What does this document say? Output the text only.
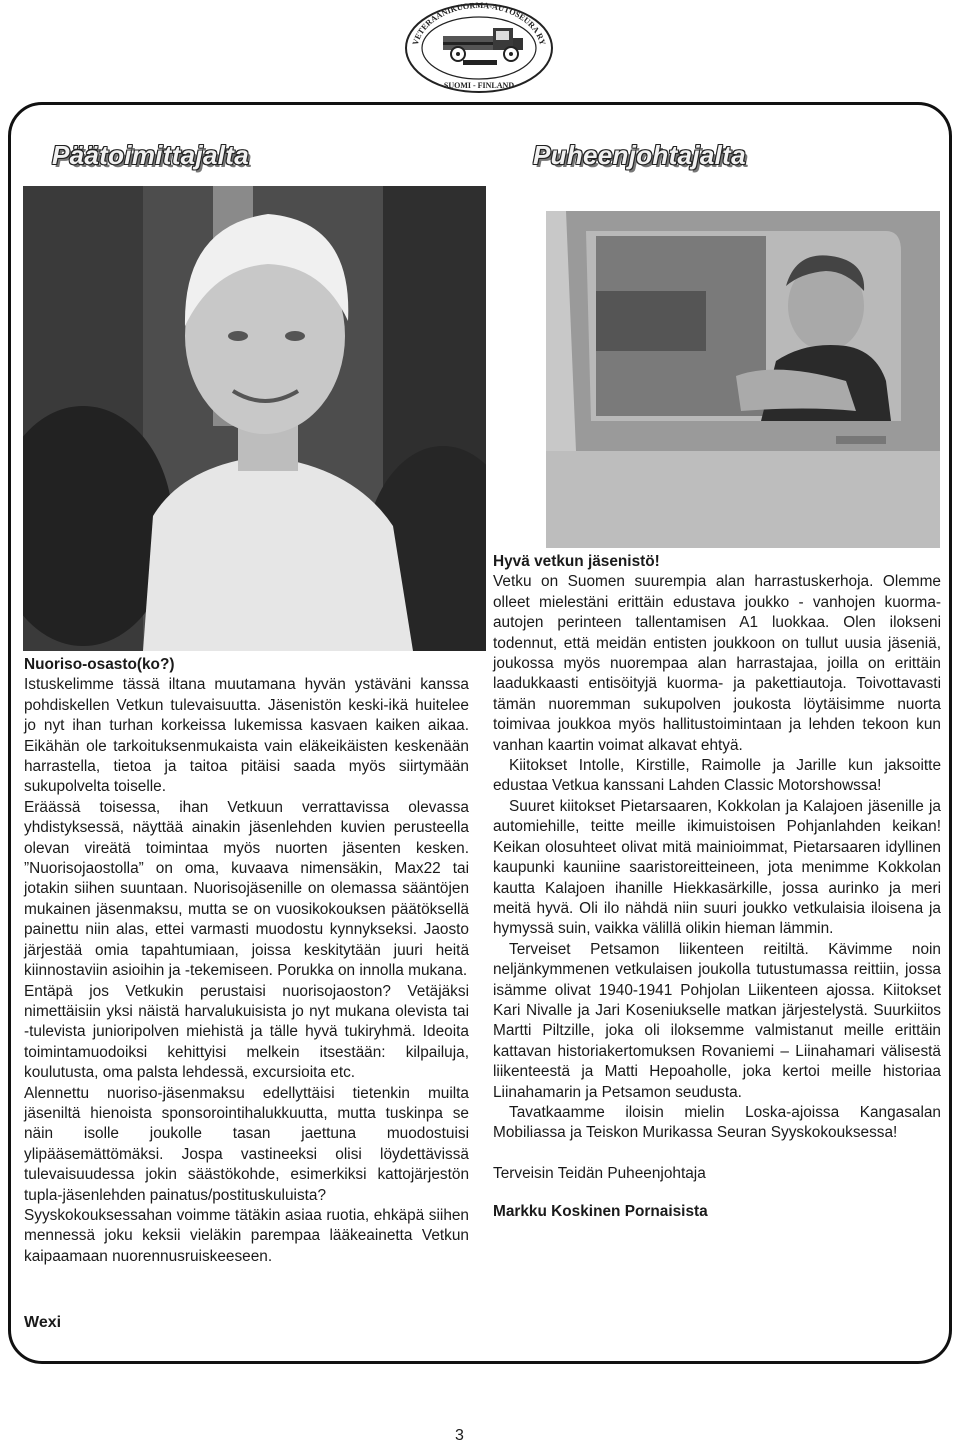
VETERAANIKUORMA-AUTOSEURA RY
SUOMI - FINLAND
Päätoimittajalta	Puheenjohtajalta

Nuoriso-osasto(ko?)

Istuskelimme tässä iltana muutamana hyvän ystäväni kanssa pohdiskellen Vetkun tulevaisuutta. Jäsenistön keski-ikä huitelee jo nyt ihan turhan korkeissa lukemissa kasvaen kaiken aikaa. Eikähän ole tarkoituksenmukaista vain eläkeikäisten keskenään harrastella, tietoa ja taitoa pitäisi saada myös siirtymään sukupolvelta toiselle.

Eräässä toisessa, ihan Vetkuun verrattavissa olevassa yhdistyksessä, näyttää ainakin jäsenlehden kuvien perusteella olevan vireätä toimintaa myös nuorten jäsenten kesken. ”Nuorisojaostolla” on oma, kuvaava nimensäkin, Max22 tai jotakin siihen suuntaan. Nuorisojäsenille on olemassa sääntöjen mukainen jäsenmaksu, mutta se on vuosikokouksen päätöksellä painettu niin alas, ettei varmasti muodostu kynnykseksi. Jaosto järjestää omia tapahtumiaan, joissa keskitytään juuri heitä kiinnostaviin asioihin ja -tekemiseen. Porukka on innolla mukana.

Entäpä jos Vetkukin perustaisi nuorisojaoston? Vetäjäksi nimettäisiin yksi näistä harvalukuisista jo nyt mukana olevista tai -tulevista junioripolven miehistä ja tälle hyvä tukiryhmä. Ideoita toimintamuodoiksi kehittyisi melkein itsestään: kilpailuja, koulutusta, oma palsta lehdessä, excursioita etc.

Alennettu nuoriso-jäsenmaksu edellyttäisi tietenkin muilta jäseniltä hienoista sponsorointihalukkuutta, mutta tuskinpa se näin isolle joukolle tasan jaettuna muodostuisi ylipääsemättömäksi. Jospa vastineeksi olisi löydettävissä tulevaisuudessa jokin säästökohde, esimerkiksi kattojärjestön tupla-jäsenlehden painatus/postituskuluista?

Syyskokouksessahan voimme tätäkin asiaa ruotia, ehkäpä siihen mennessä joku keksii vieläkin parempaa lääkeainetta Vetkun kaipaamaan nuorennusruiskeeseen.

Wexi

Hyvä vetkun jäsenistö!

Vetku on Suomen suurempia alan harrastuskerhoja. Olemme olleet mielestäni erittäin edustava joukko - vanhojen kuorma-autojen perinteen tallentamisen A1 luokkaa. Olen ilokseni todennut, että meidän entisten joukkoon on tullut uusia jäseniä, joukossa myös nuorempaa alan harrastajaa, joilla on erittäin laadukkaasti entisöityjä kuorma- ja pakettiautoja. Toivottavasti tämän nuoremman sukupolven joukosta löytäisimme nuorta toimivaa joukkoa myös hallitustoimintaan ja lehden tekoon kun vanhan kaartin voimat alkavat ehtyä.

Kiitokset Intolle, Kirstille, Raimolle ja Jarille kun jaksoitte edustaa Vetkua kanssani Lahden Classic Motorshowssa!

Suuret kiitokset Pietarsaaren, Kokkolan ja Kalajoen jäsenille ja automiehille, teitte meille ikimuistoisen Pohjanlahden keikan! Keikan olosuhteet olivat mitä mainioimmat, Pietarsaaren idyllinen kaupunki kauniine saaristoreitteineen, jota menimme Kokkolan kautta Kalajoen ihanille Hiekkasärkille, jossa aurinko ja meri meitä hyvä. Oli ilo nähdä niin suuri joukko vetkulaisia iloisena ja hymyssä suin, vaikka välillä olikin hieman lämmin.

Terveiset Petsamon liikenteen reitiltä. Kävimme noin neljänkymmenen vetkulaisen joukolla tutustumassa reittiin, jossa isämme olivat 1940-1941 Pohjolan Liikenteen ajossa. Kiitokset Kari Nivalle ja Jari Koseniukselle matkan järjestelystä. Suurkiitos Martti Piltzille, joka oli iloksemme valmistanut meille erittäin kattavan historiakertomuksen Rovaniemi – Liinahamari välisestä liikenteestä ja Matti Hepoaholle, joka kertoi meille historiaa Liinahamarin ja Petsamon seudusta.

Tavatkaamme iloisin mielin Loska-ajoissa Kangasalan Mobiliassa ja Teiskon Murikassa Seuran Syyskokouksessa!

Terveisin Teidän Puheenjohtaja

Markku Koskinen Pornaisista

3
